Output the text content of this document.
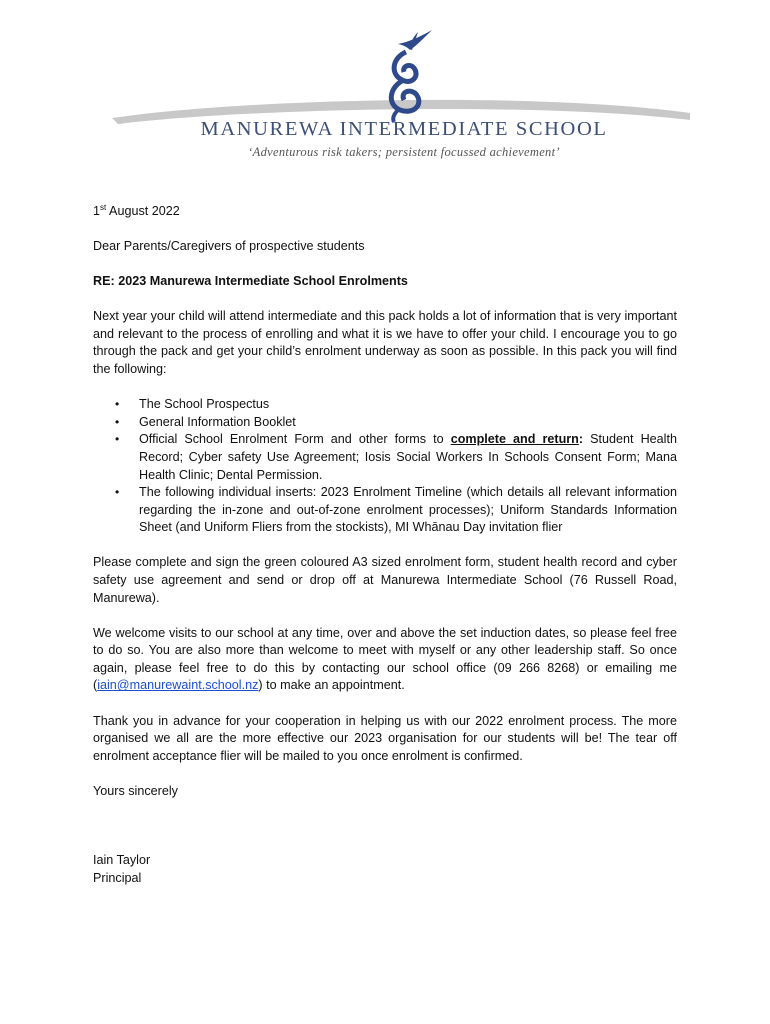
MANUREWA INTERMEDIATE SCHOOL
‘Adventurous risk takers; persistent focussed achievement’

1st August 2022

Dear Parents/Caregivers of prospective students

RE: 2023 Manurewa Intermediate School Enrolments

Next year your child will attend intermediate and this pack holds a lot of information that is very important and relevant to the process of enrolling and what it is we have to offer your child. I encourage you to go through the pack and get your child’s enrolment underway as soon as possible. In this pack you will find the following:

• The School Prospectus
• General Information Booklet
• Official School Enrolment Form and other forms to complete and return: Student Health Record; Cyber safety Use Agreement; Iosis Social Workers In Schools Consent Form; Mana Health Clinic; Dental Permission.
• The following individual inserts: 2023 Enrolment Timeline (which details all relevant information regarding the in-zone and out-of-zone enrolment processes); Uniform Standards Information Sheet (and Uniform Fliers from the stockists), MI Whānau Day invitation flier

Please complete and sign the green coloured A3 sized enrolment form, student health record and cyber safety use agreement and send or drop off at Manurewa Intermediate School (76 Russell Road, Manurewa).

We welcome visits to our school at any time, over and above the set induction dates, so please feel free to do so. You are also more than welcome to meet with myself or any other leadership staff. So once again, please feel free to do this by contacting our school office (09 266 8268) or emailing me (iain@manurewaint.school.nz) to make an appointment.

Thank you in advance for your cooperation in helping us with our 2022 enrolment process. The more organised we all are the more effective our 2023 organisation for our students will be! The tear off enrolment acceptance flier will be mailed to you once enrolment is confirmed.

Yours sincerely

Iain Taylor

Principal
